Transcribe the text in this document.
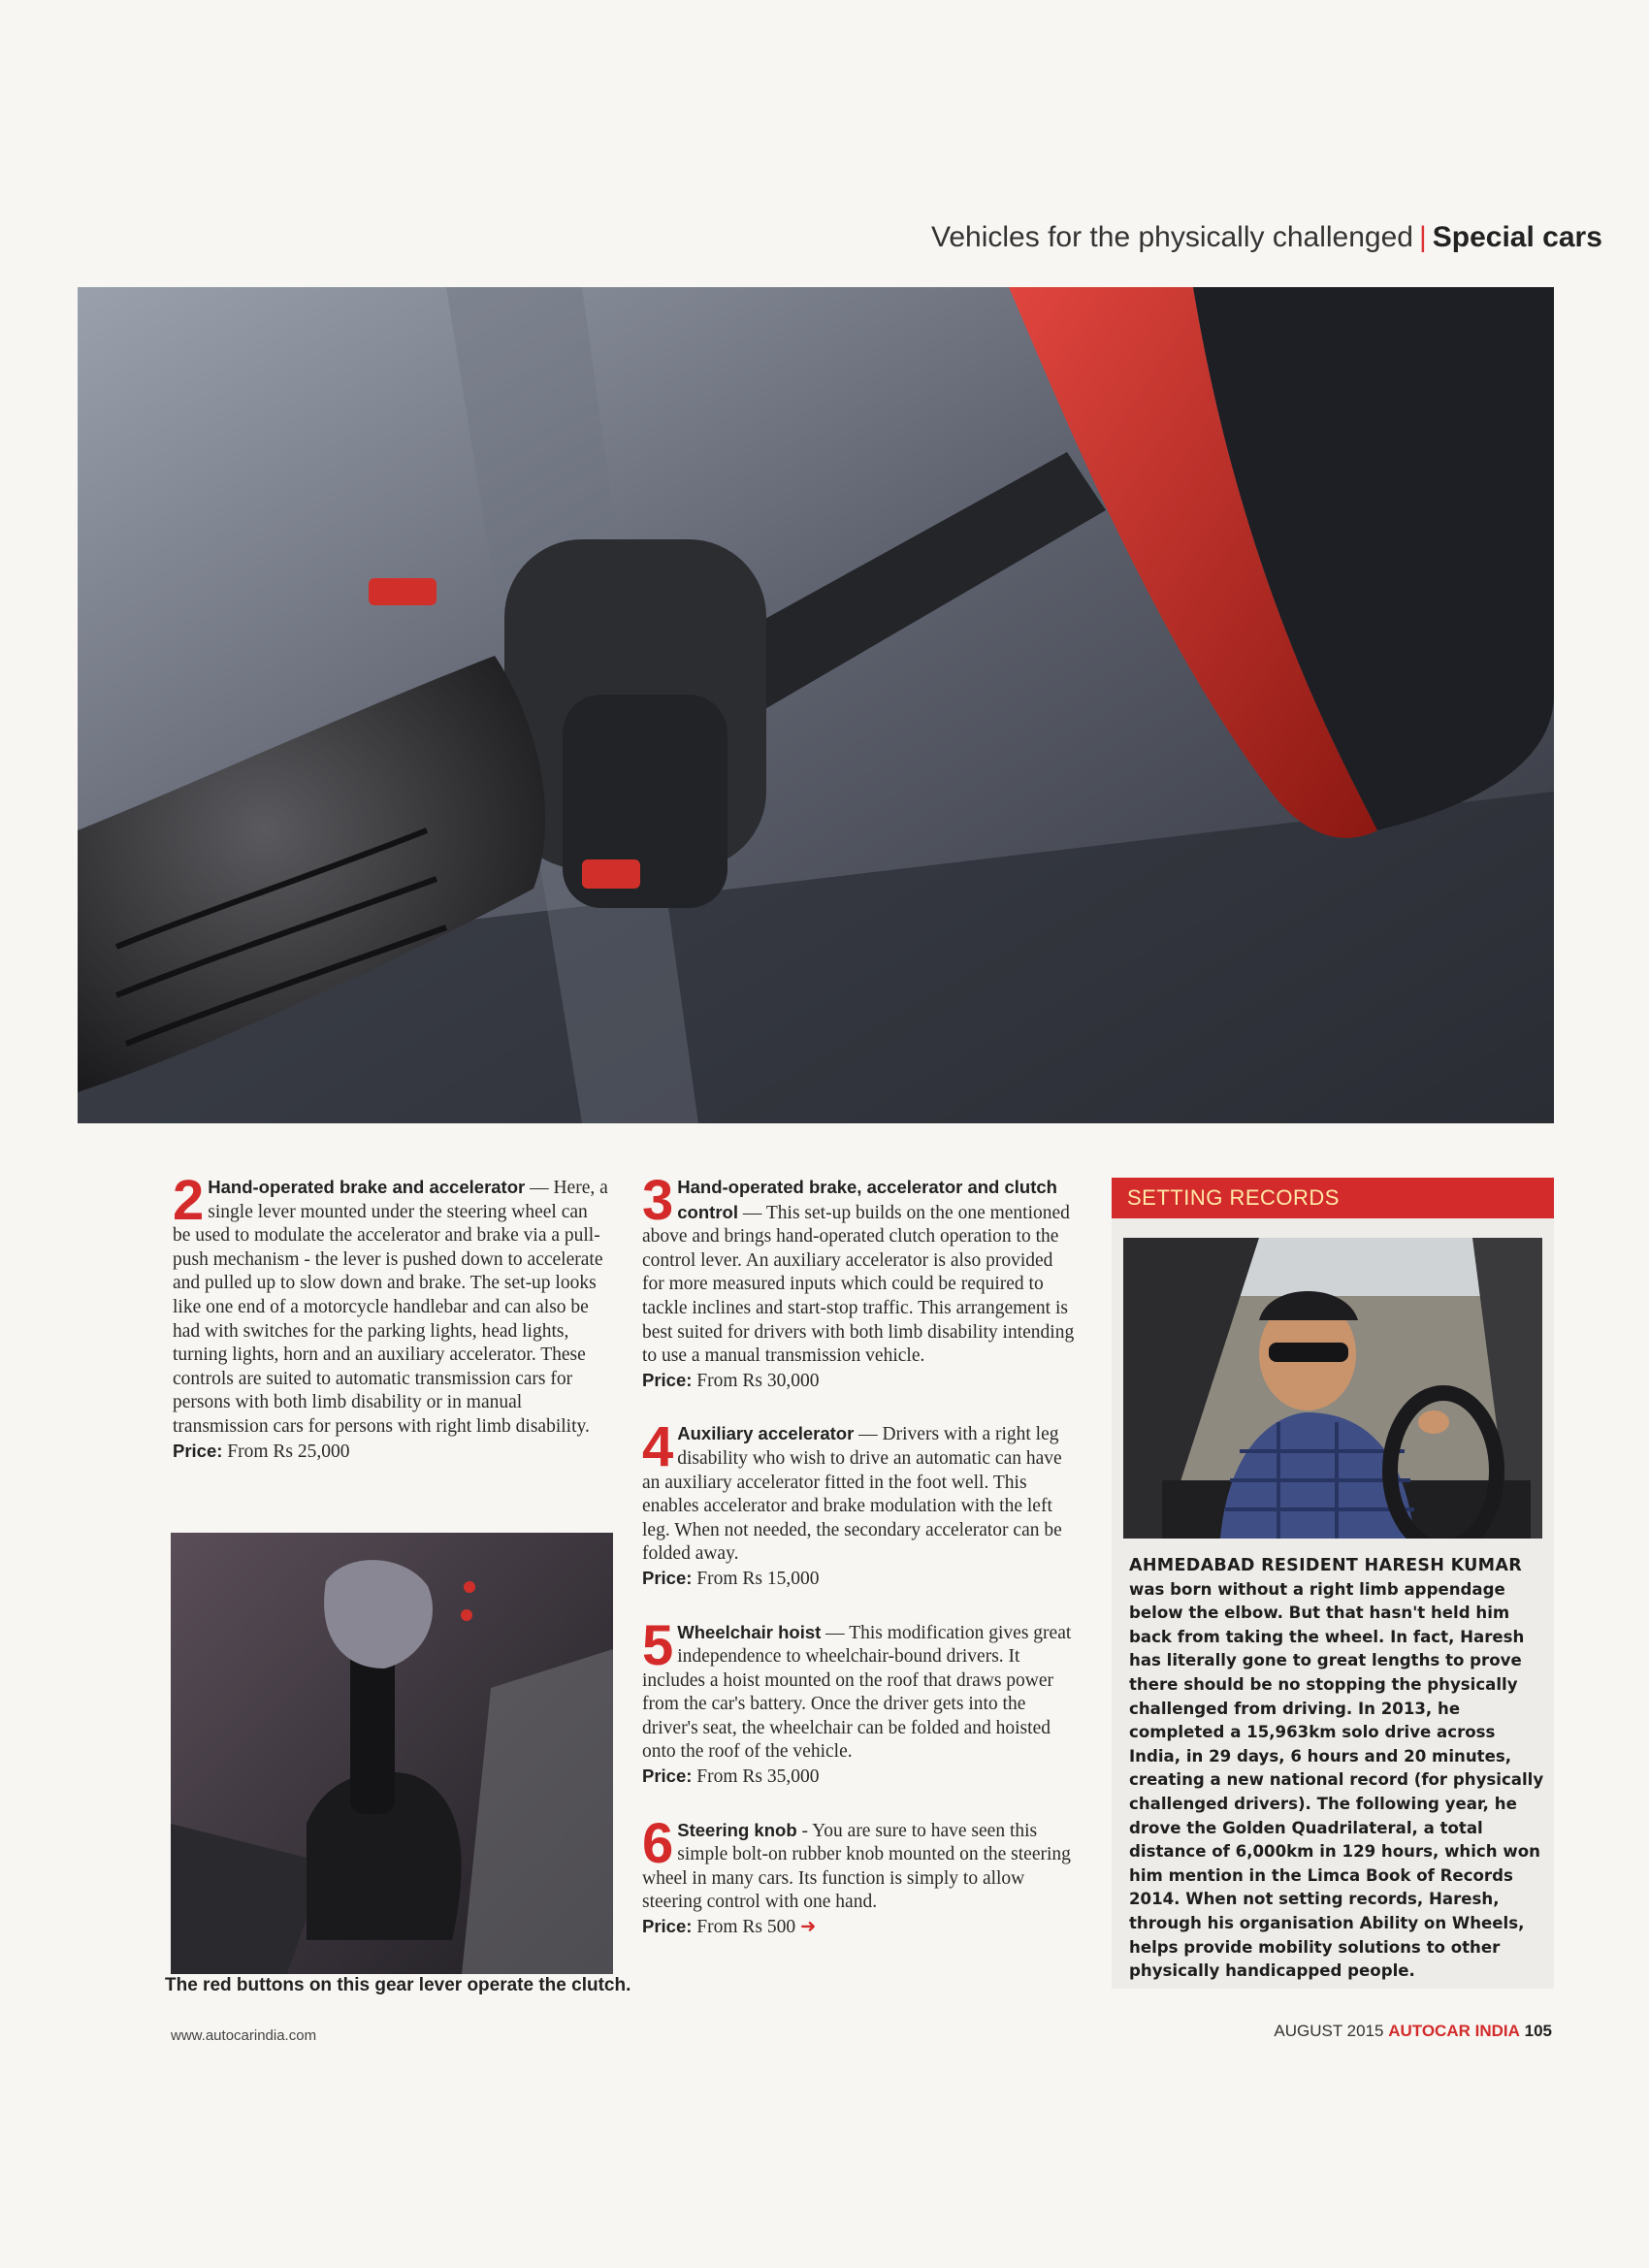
Vehicles for the physically challenged | Special cars
2 Hand-operated brake and accelerator — Here, a single lever mounted under the steering wheel can be used to modulate the accelerator and brake via a pull-push mechanism - the lever is pushed down to accelerate and pulled up to slow down and brake. The set-up looks like one end of a motorcycle handlebar and can also be had with switches for the parking lights, head lights, turning lights, horn and an auxiliary accelerator. These controls are suited to automatic transmission cars for persons with both limb disability or in manual transmission cars for persons with right limb disability.

Price: From Rs 25,000

The red buttons on this gear lever operate the clutch.
3 Hand-operated brake, accelerator and clutch control — This set-up builds on the one mentioned above and brings hand-operated clutch operation to the control lever. An auxiliary accelerator is also provided for more measured inputs which could be required to tackle inclines and start-stop traffic. This arrangement is best suited for drivers with both limb disability intending to use a manual transmission vehicle.

Price: From Rs 30,000

4 Auxiliary accelerator — Drivers with a right leg disability who wish to drive an automatic can have an auxiliary accelerator fitted in the foot well. This enables accelerator and brake modulation with the left leg. When not needed, the secondary accelerator can be folded away.

Price: From Rs 15,000

5 Wheelchair hoist — This modification gives great independence to wheelchair-bound drivers. It includes a hoist mounted on the roof that draws power from the car's battery. Once the driver gets into the driver's seat, the wheelchair can be folded and hoisted onto the roof of the vehicle.

Price: From Rs 35,000

6 Steering knob - You are sure to have seen this simple bolt-on rubber knob mounted on the steering wheel in many cars. Its function is simply to allow steering control with one hand.

Price: From Rs 500 ➜

SETTING RECORDS
AHMEDABAD RESIDENT HARESH KUMAR
was born without a right limb appendage below the elbow. But that hasn't held him back from taking the wheel. In fact, Haresh has literally gone to great lengths to prove there should be no stopping the physically challenged from driving. In 2013, he completed a 15,963km solo drive across India, in 29 days, 6 hours and 20 minutes, creating a new national record (for physically challenged drivers). The following year, he drove the Golden Quadrilateral, a total distance of 6,000km in 129 hours, which won him mention in the Limca Book of Records 2014. When not setting records, Haresh, through his organisation Ability on Wheels, helps provide mobility solutions to other physically handicapped people.
www.autocarindia.com	AUGUST 2015 AUTOCAR INDIA 105
